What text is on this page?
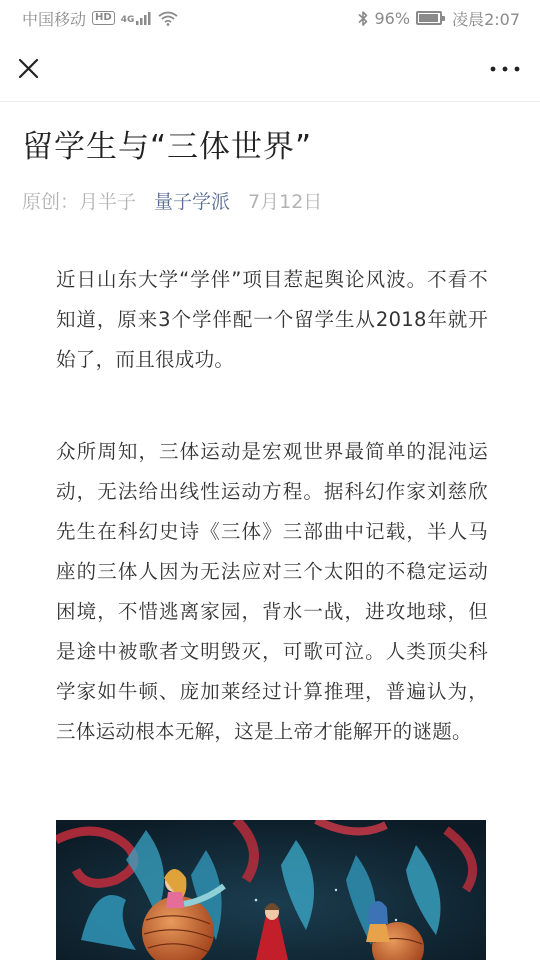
中国移动 HD	4G	96%	凌晨2:07
留学生与“三体世界”
原创： 月半子 量子学派 7月12日

近日山东大学“学伴”项目惹起舆论风波。不看不知道，原来3个学伴配一个留学生从2018年就开始了，而且很成功。

众所周知，三体运动是宏观世界最简单的混沌运动，无法给出线性运动方程。据科幻作家刘慈欣先生在科幻史诗《三体》三部曲中记载，半人马座的三体人因为无法应对三个太阳的不稳定运动困境，不惜逃离家园，背水一战，进攻地球，但是途中被歌者文明毁灭，可歌可泣。人类顶尖科学家如牛顿、庞加莱经过计算推理，普遍认为，三体运动根本无解，这是上帝才能解开的谜题。
